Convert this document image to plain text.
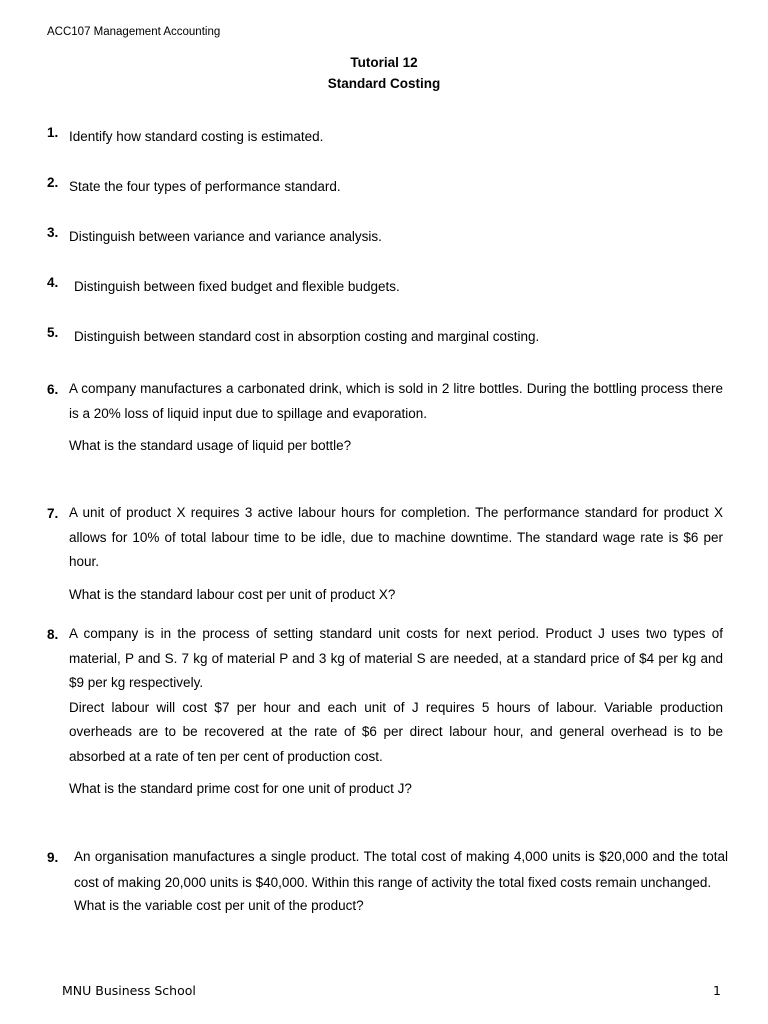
ACC107 Management Accounting
Tutorial 12
Standard Costing
1. Identify how standard costing is estimated.

2. State the four types of performance standard.

3. Distinguish between variance and variance analysis.

4. Distinguish between fixed budget and flexible budgets.

5. Distinguish between standard cost in absorption costing and marginal costing.

6. A company manufactures a carbonated drink, which is sold in 2 litre bottles. During the bottling process there is a 20% loss of liquid input due to spillage and evaporation.

What is the standard usage of liquid per bottle?

7. A unit of product X requires 3 active labour hours for completion. The performance standard for product X allows for 10% of total labour time to be idle, due to machine downtime. The standard wage rate is $6 per hour.

What is the standard labour cost per unit of product X?

8. A company is in the process of setting standard unit costs for next period. Product J uses two types of material, P and S. 7 kg of material P and 3 kg of material S are needed, at a standard price of $4 per kg and $9 per kg respectively.

Direct labour will cost $7 per hour and each unit of J requires 5 hours of labour. Variable production overheads are to be recovered at the rate of $6 per direct labour hour, and general overhead is to be absorbed at a rate of ten per cent of production cost.

What is the standard prime cost for one unit of product J?

9. An organisation manufactures a single product. The total cost of making 4,000 units is $20,000 and the total cost of making 20,000 units is $40,000. Within this range of activity the total fixed costs remain unchanged.

What is the variable cost per unit of the product?

MNU Business School	1
